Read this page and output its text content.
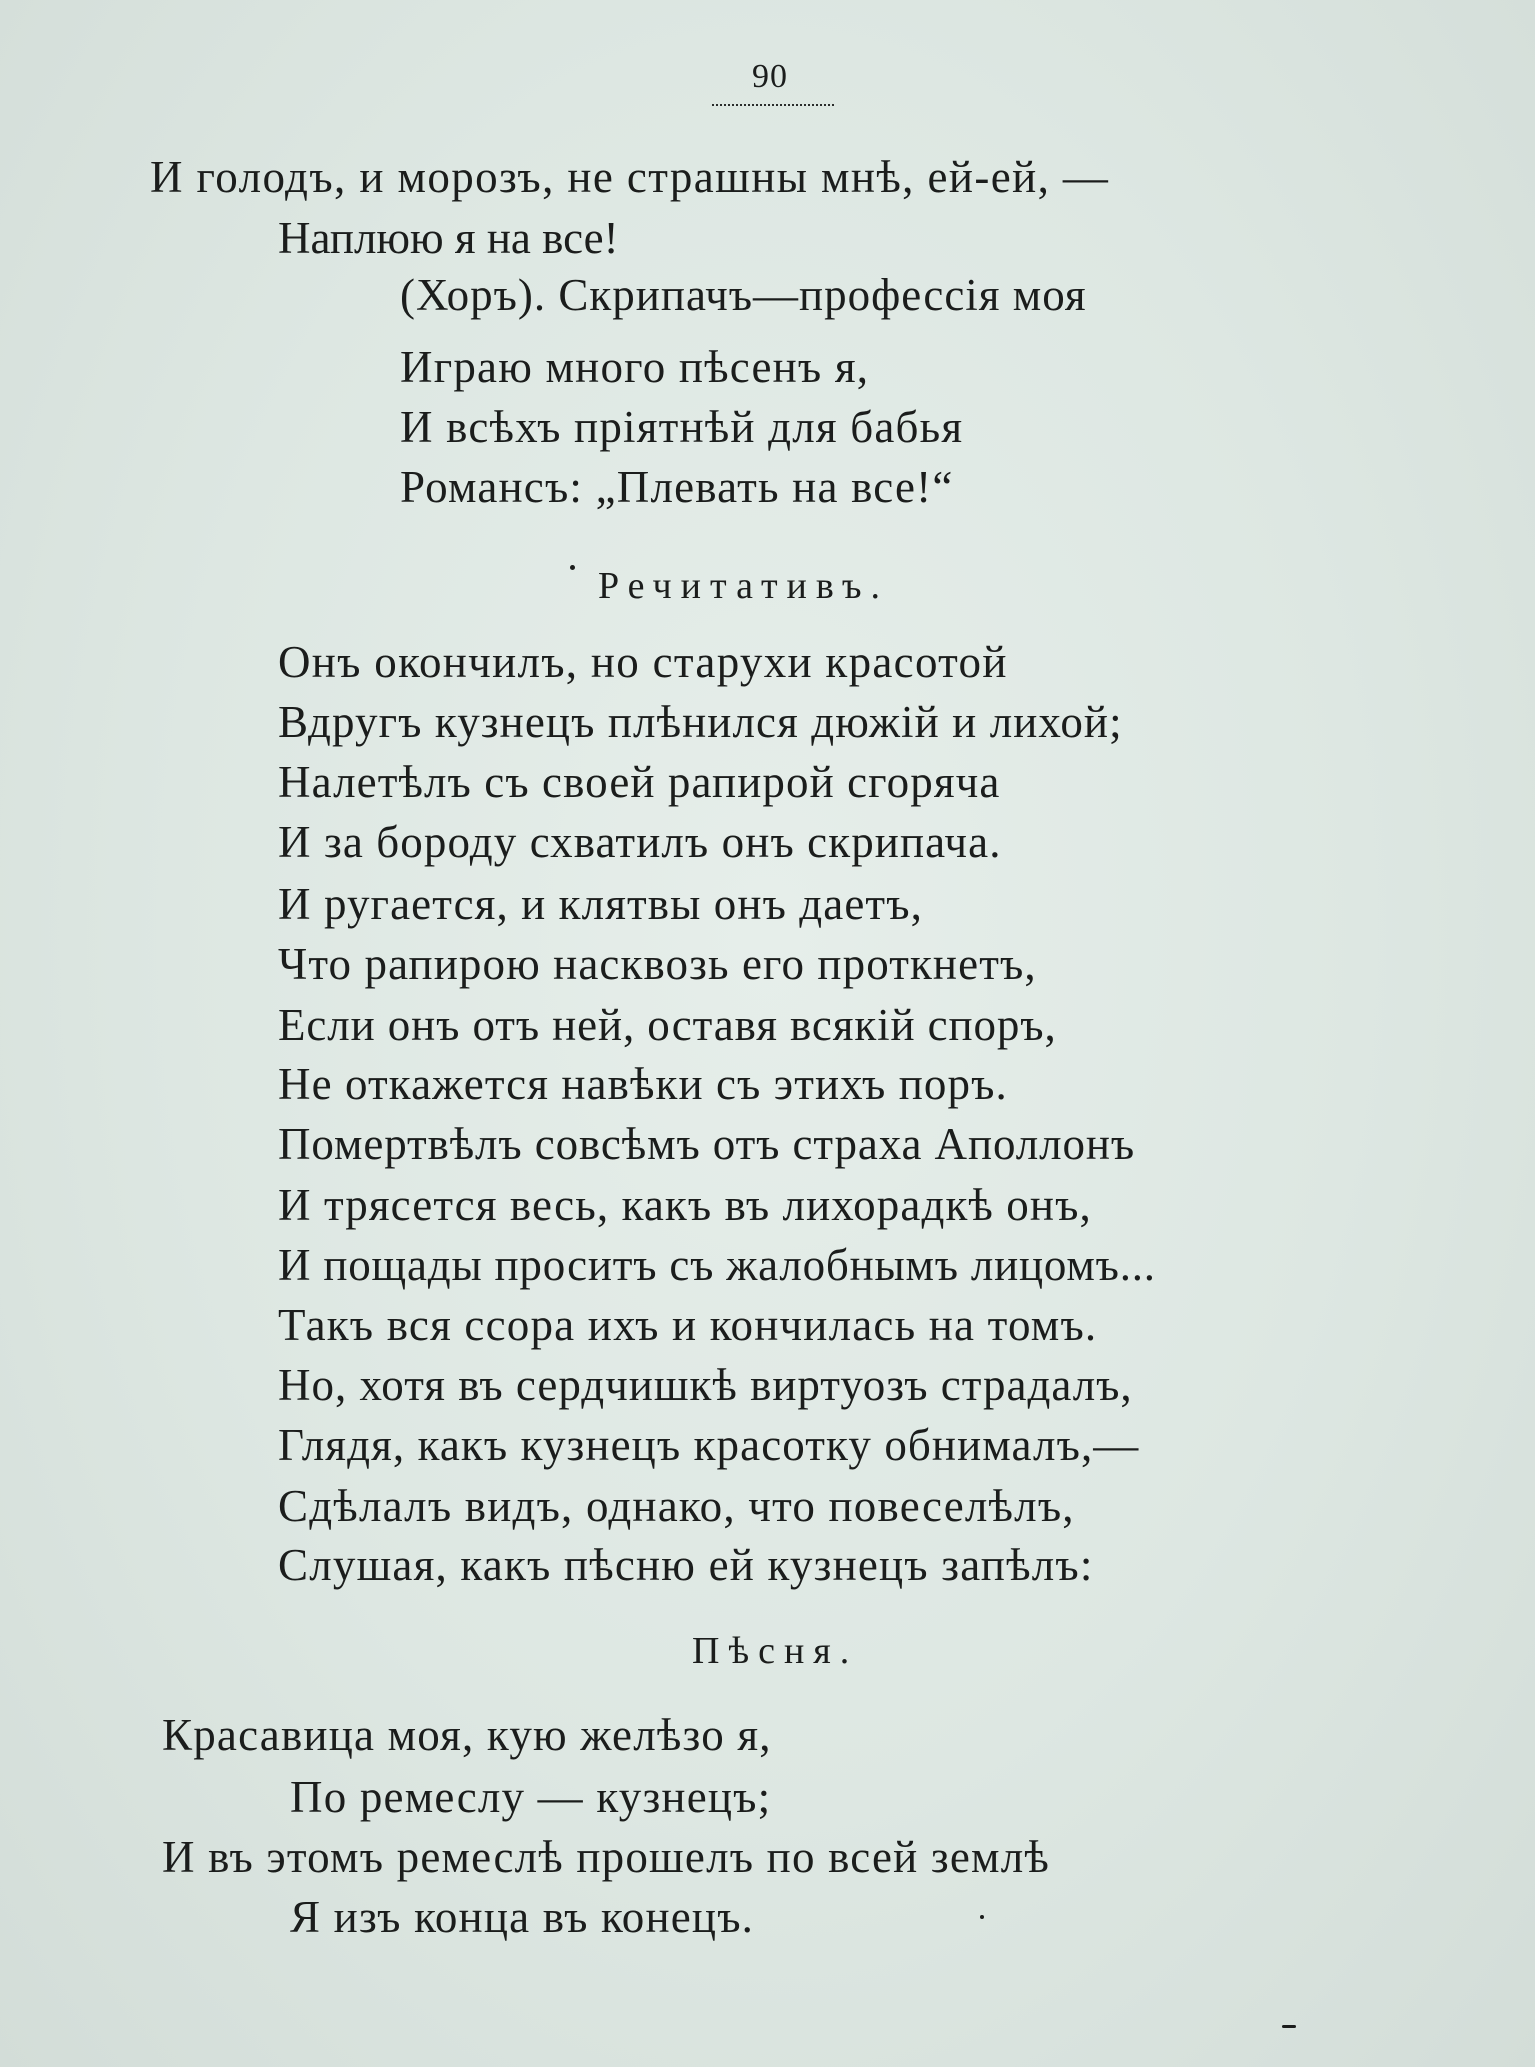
90
И голодъ, и морозъ, не страшны мнѣ, ей-ей, —
Наплюю я на все!
(Хоръ). Скрипачъ—профессія моя
Играю много пѣсенъ я,
И всѣхъ пріятнѣй для бабья
Романсъ: „Плевать на все!“
Речитативъ.
Онъ окончилъ, но старухи красотой
Вдругъ кузнецъ плѣнился дюжій и лихой;
Налетѣлъ съ своей рапирой сгоряча
И за бороду схватилъ онъ скрипача.
И ругается, и клятвы онъ даетъ,
Что рапирою насквозь его проткнетъ,
Если онъ отъ ней, оставя всякій споръ,
Не откажется навѣки съ этихъ поръ.
Помертвѣлъ совсѣмъ отъ страха Аполлонъ
И трясется весь, какъ въ лихорадкѣ онъ,
И пощады проситъ съ жалобнымъ лицомъ...
Такъ вся ссора ихъ и кончилась на томъ.
Но, хотя въ сердчишкѣ виртуозъ страдалъ,
Глядя, какъ кузнецъ красотку обнималъ,—
Сдѣлалъ видъ, однако, что повеселѣлъ,
Слушая, какъ пѣсню ей кузнецъ запѣлъ:
Пѣсня.
Красавица моя, кую желѣзо я,
По ремеслу — кузнецъ;
И въ этомъ ремеслѣ прошелъ по всей землѣ
Я изъ конца въ конецъ.
